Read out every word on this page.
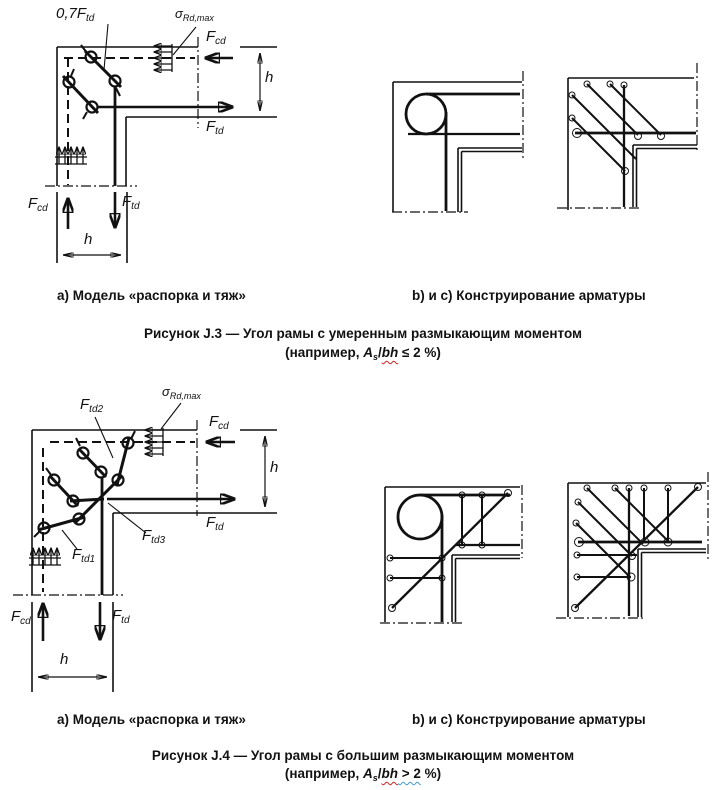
$0,7F_{td}$	$\sigma_{Rd,max}$
$F_{cd}$
h
$F_{td}$
$F_{cd}$	$F_{td}$
h
a) Модель «распорка и тяж»	b) и c) Конструирование арматуры
Рисунок J.3 — Угол рамы с умеренным размыкающим моментом
(например, $A_s/bh \le 2$ %)
$F_{td2}$
$\sigma_{Rd,max}$
$F_{cd}$
h
$F_{td}$
$F_{td3}$
$F_{td1}$
$F_{cd}$	$F_{td}$
h
a) Модель «распорка и тяж»	b) и c) Конструирование арматуры
Рисунок J.4 — Угол рамы с большим размыкающим моментом
(например, $A_s/bh > 2$ %)
